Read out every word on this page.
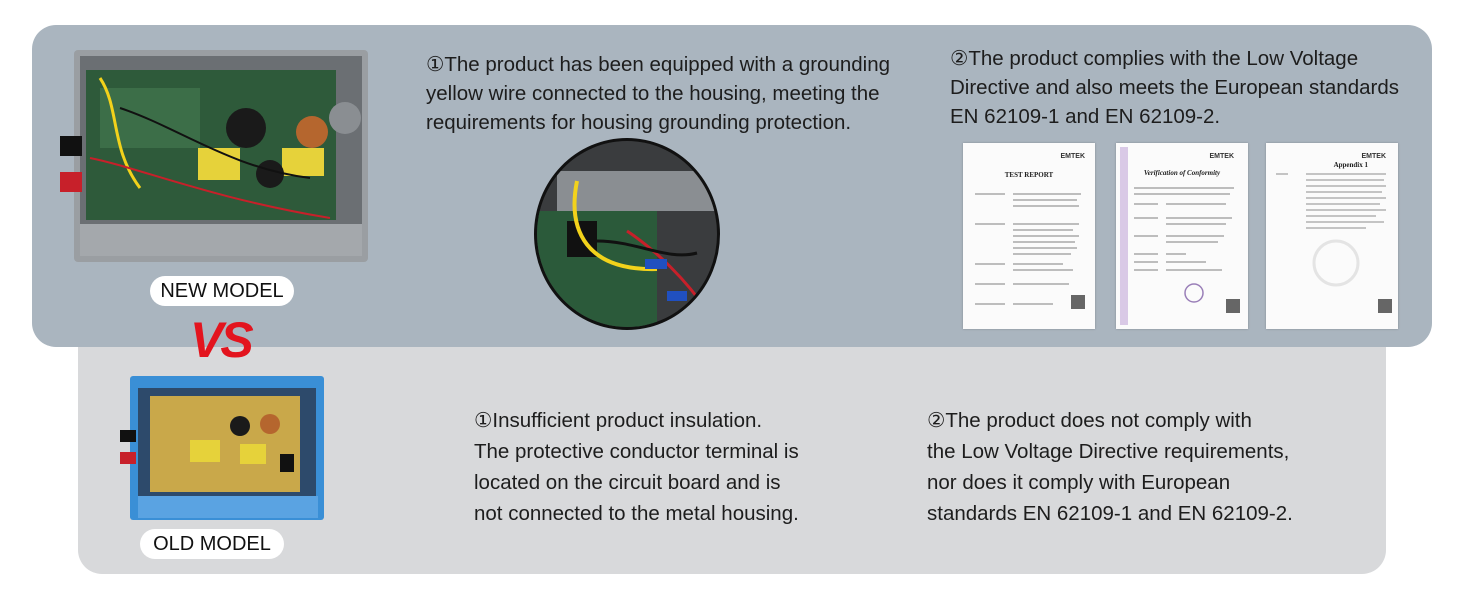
NEW MODEL
VS
①The product has been equipped with a grounding
yellow wire connected to the housing, meeting the
requirements for housing grounding protection.
②The product complies with the Low Voltage
Directive and also meets the European standards
EN 62109-1 and EN 62109-2.
EMTEK
TEST REPORT
EMTEK
Verification of Conformity
EMTEK
Appendix 1
OLD MODEL
①Insufficient product insulation.
The protective conductor terminal is
located on the circuit board and is
not connected to the metal housing.
②The product does not comply with
the Low Voltage Directive requirements,
nor does it comply with European
standards EN 62109-1 and EN 62109-2.
